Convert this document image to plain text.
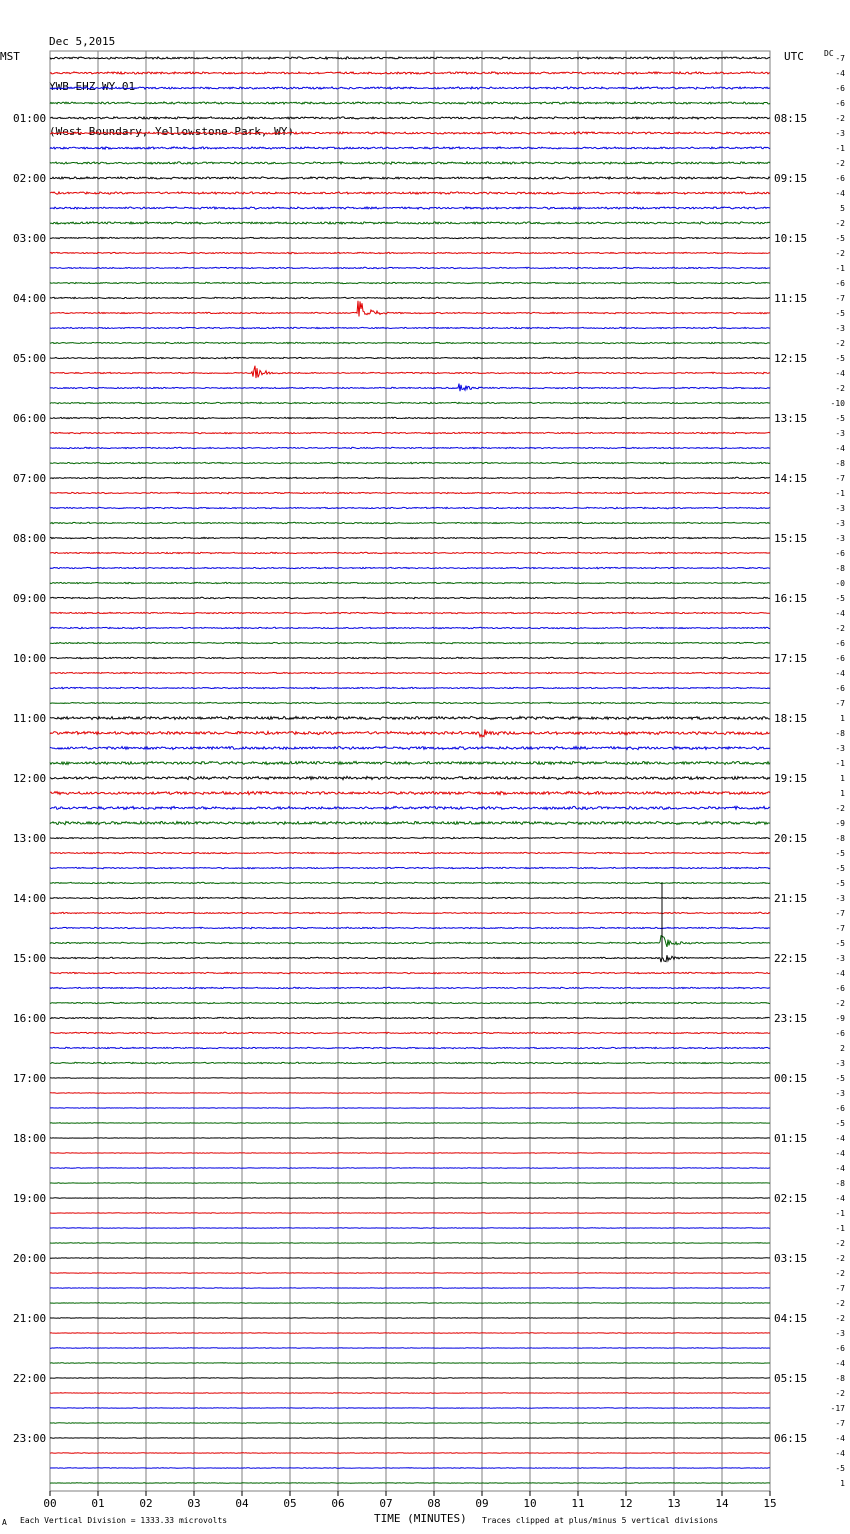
Dec 5,2015

YWB EHZ WY 01

(West Boundary, Yellowstone Park, WY)

01:00
02:00
03:00
04:00
05:00
06:00
07:00
08:00
09:00
10:00
11:00
12:00
13:00
14:00
15:00
16:00
17:00
18:00
19:00
20:00
21:00
22:00
23:00
08:15
09:15
10:15
11:15
12:15
13:15
14:15
15:15
16:15
17:15
18:15
19:15
20:15
21:15
22:15
23:15
00:15
01:15
02:15
03:15
04:15
05:15
06:15
-7
-4
-6
-6
-2
-3
-1
-2
-6
-4
5
-2
-5
-2
-1
-6
-7
-5
-3
-2
-5
-4
-2
-10
-5
-3
-4
-8
-7
-1
-3
-3
-3
-6
-8
-0
-5
-4
-2
-6
-6
-4
-6
-7
1
-8
-3
-1
1
1
-2
-9
-8
-5
-5
-5
-3
-7
-7
-5
-3
-4
-6
-2
-9
-6
2
-3
-5
-3
-6
-5
-4
-4
-4
-8
-4
-1
-1
-2
-2
-2
-7
-2
-2
-3
-6
-4
-8
-2
-17
-7
-4
-4
-5
1
00	01	02	03	04	05	06	07	08	09	10	11	12	13	14	15
MST	UTC	DC
A Each Vertical Division = 1333.33 microvolts	TIME (MINUTES) Traces clipped at plus/minus 5 vertical divisions
